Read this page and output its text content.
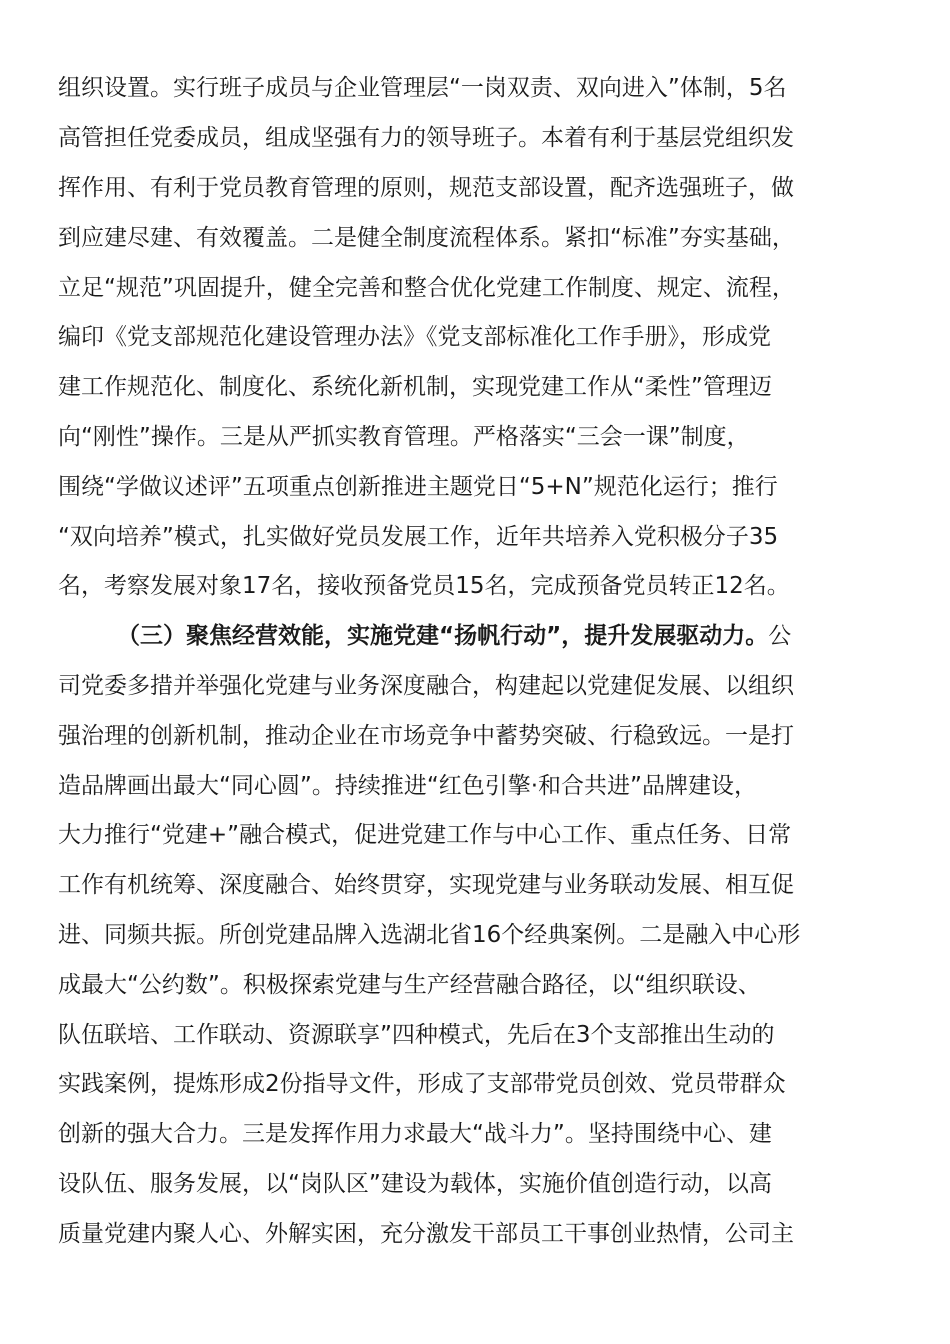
组织设置。实行班子成员与企业管理层“一岗双责、双向进入”体制，5名
高管担任党委成员，组成坚强有力的领导班子。本着有利于基层党组织发
挥作用、有利于党员教育管理的原则，规范支部设置，配齐选强班子，做
到应建尽建、有效覆盖。二是健全制度流程体系。紧扣“标准”夯实基础，
立足“规范”巩固提升，健全完善和整合优化党建工作制度、规定、流程，
编印《党支部规范化建设管理办法》《党支部标准化工作手册》，形成党
建工作规范化、制度化、系统化新机制，实现党建工作从“柔性”管理迈
向“刚性”操作。三是从严抓实教育管理。严格落实“三会一课”制度，
围绕“学做议述评”五项重点创新推进主题党日“5+N”规范化运行；推行
“双向培养”模式，扎实做好党员发展工作，近年共培养入党积极分子35
名，考察发展对象17名，接收预备党员15名，完成预备党员转正12名。
（三）聚焦经营效能，实施党建“扬帆行动”，提升发展驱动力。公
司党委多措并举强化党建与业务深度融合，构建起以党建促发展、以组织
强治理的创新机制，推动企业在市场竞争中蓄势突破、行稳致远。一是打
造品牌画出最大“同心圆”。持续推进“红色引擎·和合共进”品牌建设，
大力推行“党建+”融合模式，促进党建工作与中心工作、重点任务、日常
工作有机统筹、深度融合、始终贯穿，实现党建与业务联动发展、相互促
进、同频共振。所创党建品牌入选湖北省16个经典案例。二是融入中心形
成最大“公约数”。积极探索党建与生产经营融合路径，以“组织联设、
队伍联培、工作联动、资源联享”四种模式，先后在3个支部推出生动的
实践案例，提炼形成2份指导文件，形成了支部带党员创效、党员带群众
创新的强大合力。三是发挥作用力求最大“战斗力”。坚持围绕中心、建
设队伍、服务发展，以“岗队区”建设为载体，实施价值创造行动，以高
质量党建内聚人心、外解实困，充分激发干部员工干事创业热情，公司主
